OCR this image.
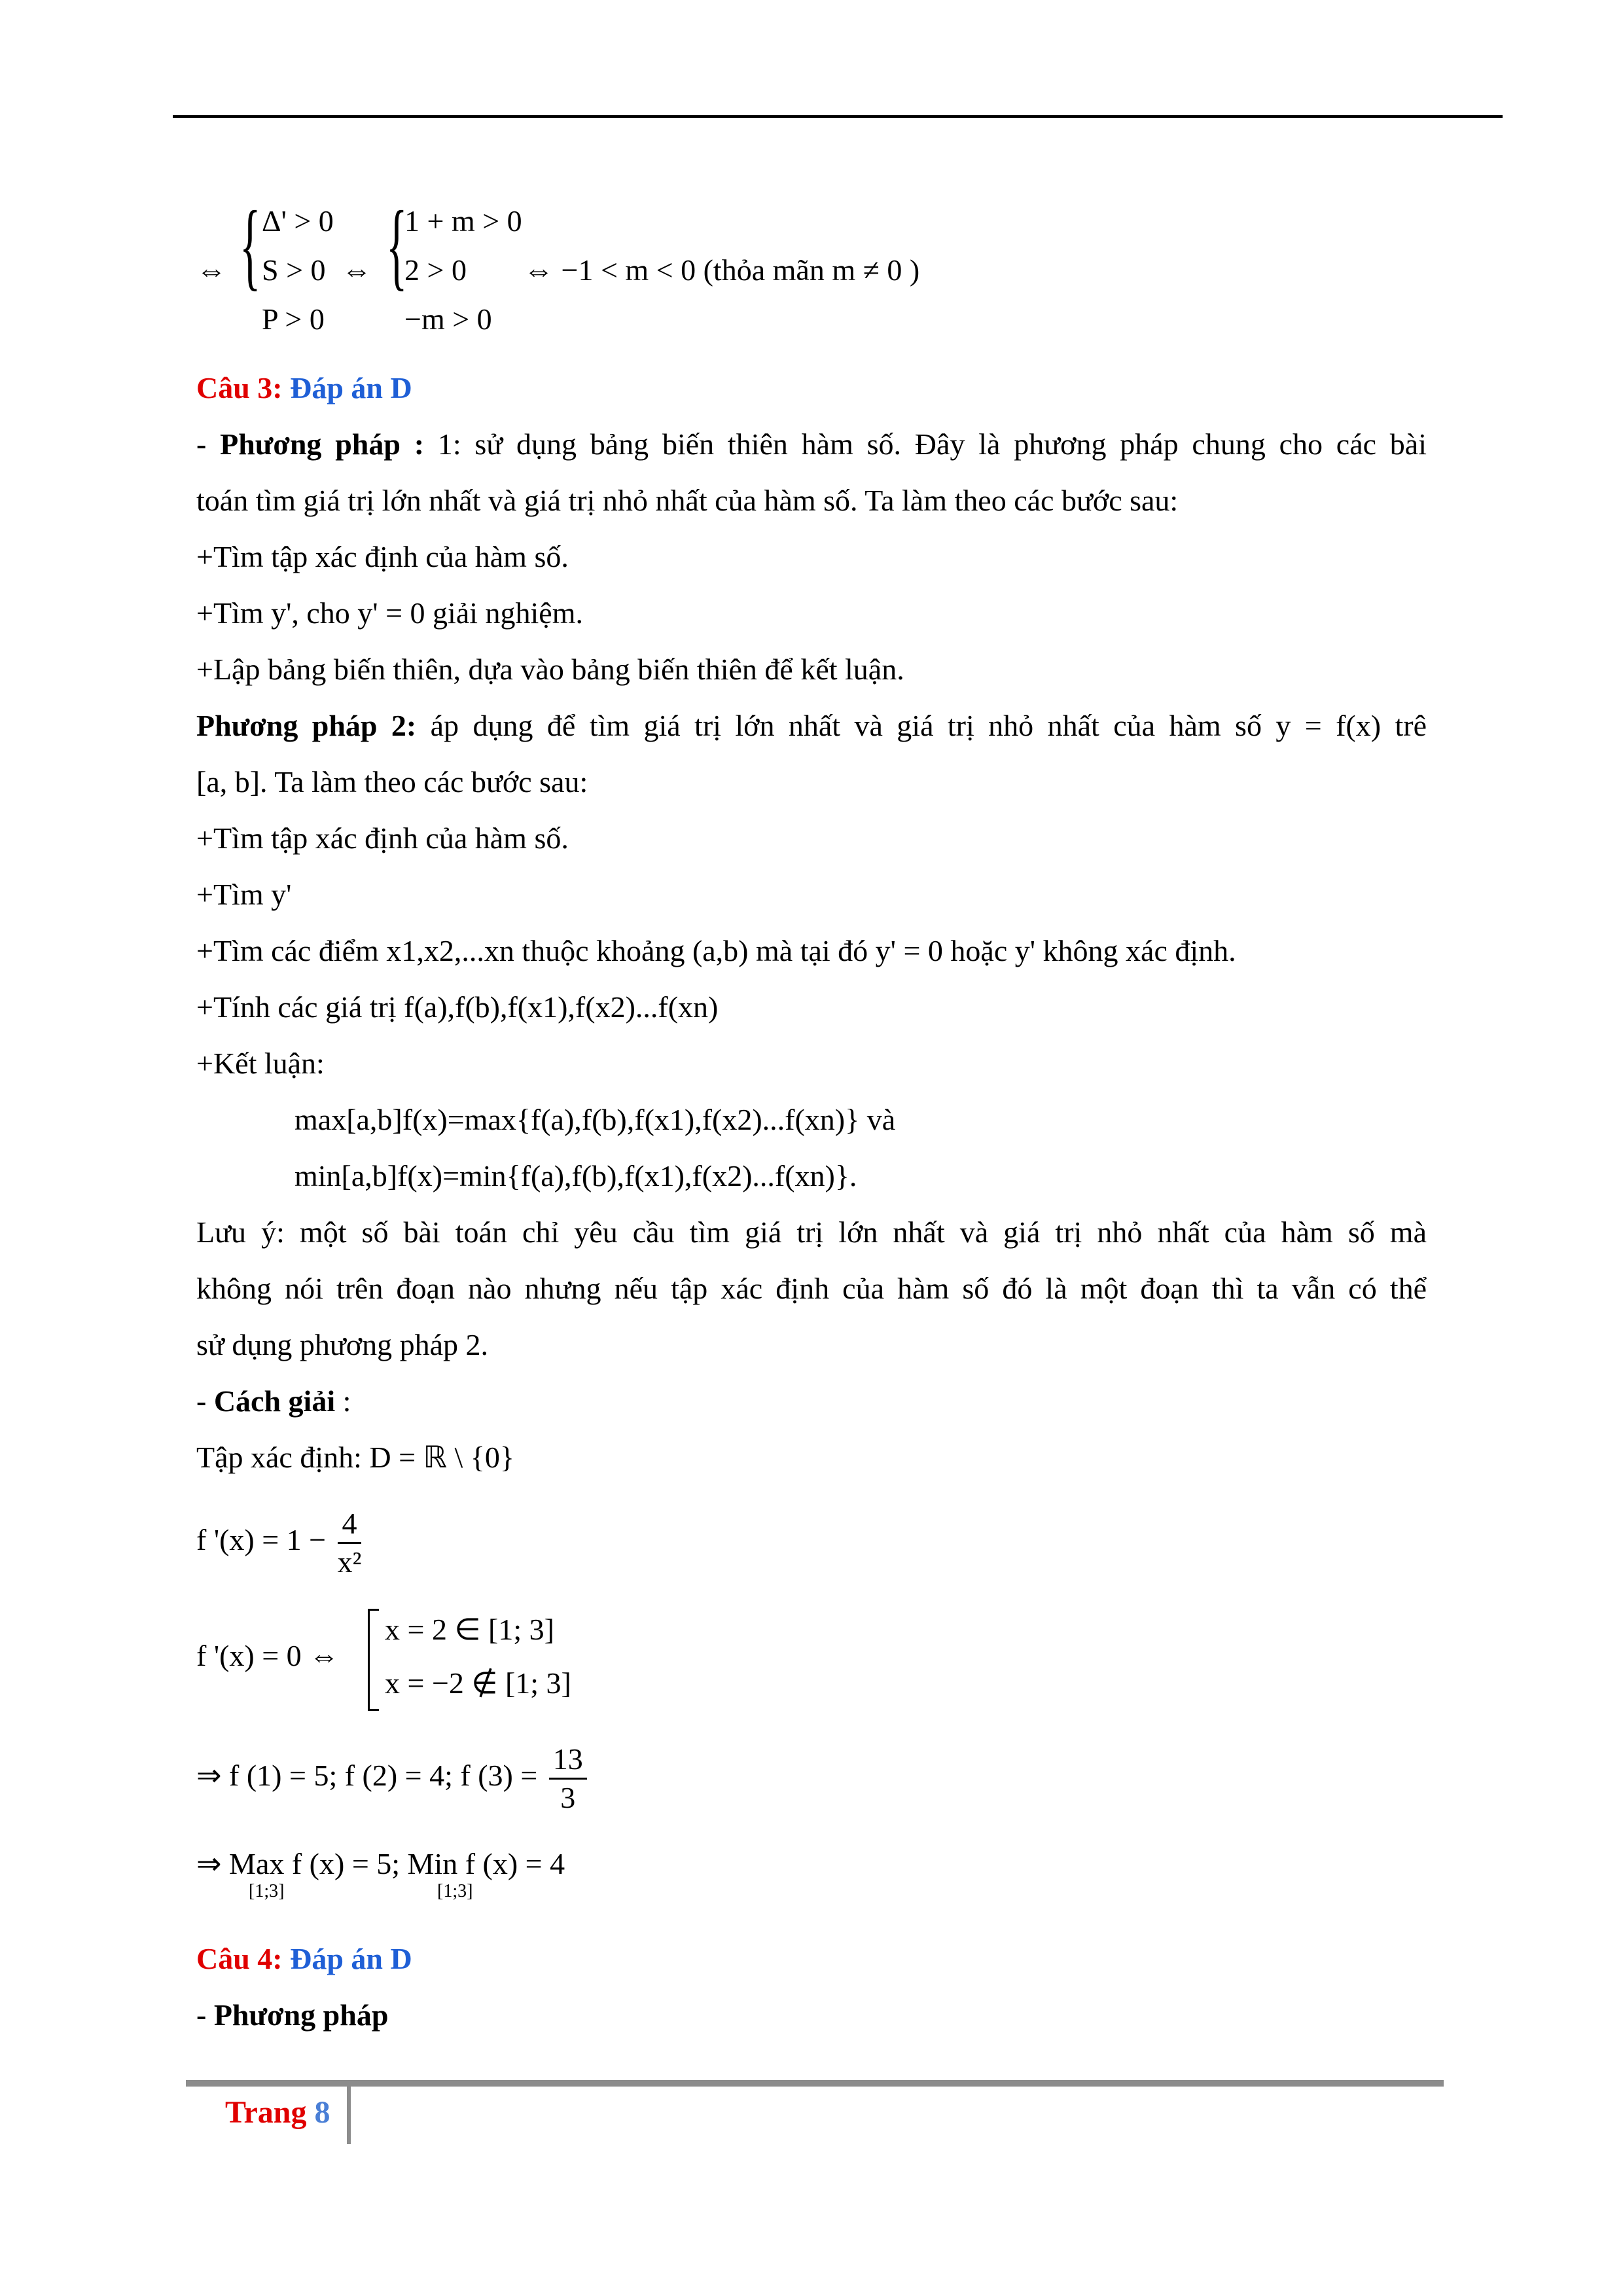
⇔ { Δ' > 0
S > 0
P > 0
⇔ {
1 + m > 0
2 > 0
−m > 0
⇔ −1 < m < 0 (thỏa mãn m ≠ 0 )
Câu 3: Đáp án D
- Phương pháp : 1: sử dụng bảng biến thiên hàm số. Đây là phương pháp chung cho các bài
toán tìm giá trị lớn nhất và giá trị nhỏ nhất của hàm số. Ta làm theo các bước sau:
+Tìm tập xác định của hàm số.
+Tìm y', cho y' = 0 giải nghiệm.
+Lập bảng biến thiên, dựa vào bảng biến thiên để kết luận.
Phương pháp 2: áp dụng để tìm giá trị lớn nhất và giá trị nhỏ nhất của hàm số y = f(x) trê
[a, b]. Ta làm theo các bước sau:
+Tìm tập xác định của hàm số.
+Tìm y'
+Tìm các điểm x1,x2,...xn thuộc khoảng (a,b) mà tại đó y' = 0 hoặc y' không xác định.
+Tính các giá trị f(a),f(b),f(x1),f(x2)...f(xn)
+Kết luận:
max[a,b]f(x)=max{f(a),f(b),f(x1),f(x2)...f(xn)} và
min[a,b]f(x)=min{f(a),f(b),f(x1),f(x2)...f(xn)}.
Lưu ý: một số bài toán chỉ yêu cầu tìm giá trị lớn nhất và giá trị nhỏ nhất của hàm số mà
không nói trên đoạn nào nhưng nếu tập xác định của hàm số đó là một đoạn thì ta vẫn có thể
sử dụng phương pháp 2.
- Cách giải :
Tập xác định: D = ℝ \ {0}
f '$(x) = 1 - \frac{4}{\text{x²}}$
f '(x) = 0 ⇔
x = 2 ∈ [1; 3]
x = −2 ∉ [1; 3]
⇒ f (1) = 5; f (2) = 4; f $(3) = \frac{13}{3}$
⇒ Max f (x) = 5; Min f (x) = 4
[1;3]	[1;3]
Câu 4: Đáp án D
- Phương pháp
Trang 8
